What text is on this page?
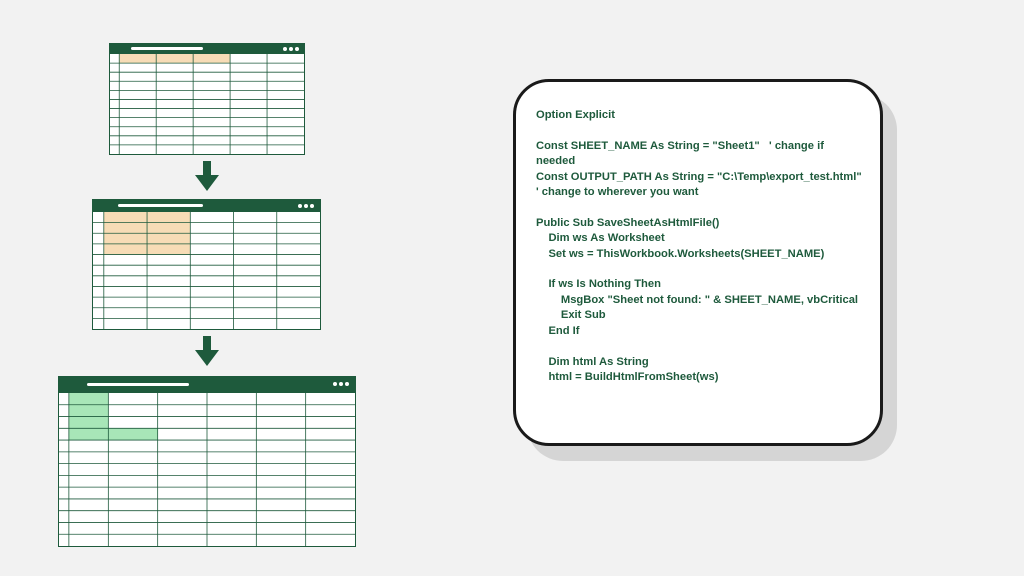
Option Explicit

Const SHEET_NAME As String = "Sheet1"   ' change if needed
Const OUTPUT_PATH As String = "C:\Temp\export_test.html"  ' change to wherever you want

Public Sub SaveSheetAsHtmlFile()
Dim ws As Worksheet
Set ws = ThisWorkbook.Worksheets(SHEET_NAME)

If ws Is Nothing Then
MsgBox "Sheet not found: " & SHEET_NAME, vbCritical
Exit Sub
End If

Dim html As String
html = BuildHtmlFromSheet(ws)
